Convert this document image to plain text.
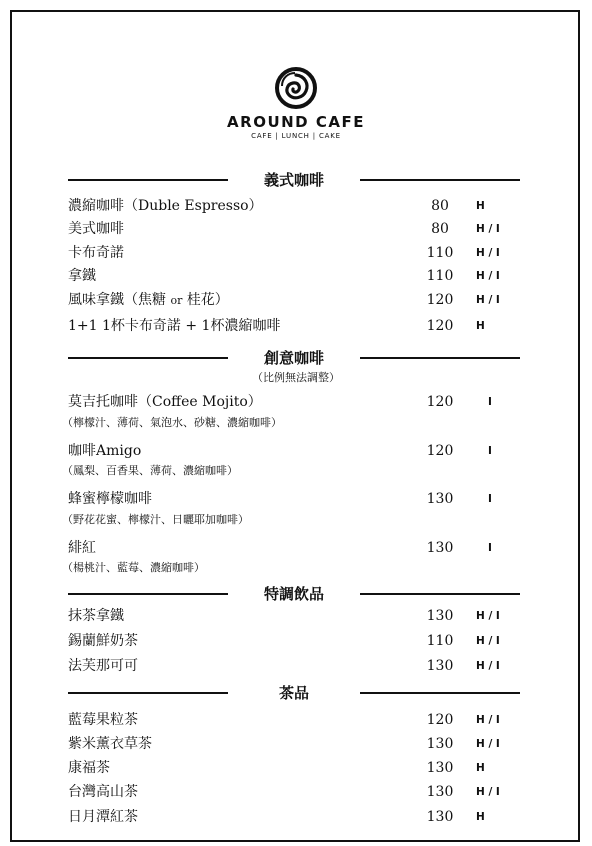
AROUND CAFE
CAFE | LUNCH | CAKE
義式咖啡
濃縮咖啡（Duble Espresso）	80	H
美式咖啡	80	H / I
卡布奇諾	110	H / I
拿鐵	110	H / I
風味拿鐵（焦糖 or 桂花）	120	H / I
1+1 1杯卡布奇諾 + 1杯濃縮咖啡	120	H
創意咖啡
（比例無法調整）
莫吉托咖啡（Coffee Mojito）	120	I
（檸檬汁、薄荷、氣泡水、砂糖、濃縮咖啡）
咖啡Amigo	120	I
（鳳梨、百香果、薄荷、濃縮咖啡）
蜂蜜檸檬咖啡	130	I
（野花花蜜、檸檬汁、日曬耶加咖啡）
緋紅	130	I
（楊桃汁、藍莓、濃縮咖啡）
特調飲品
抹茶拿鐵	130	H / I
錫蘭鮮奶茶	110	H / I
法芙那可可	130	H / I
茶品
藍莓果粒茶	120	H / I
紫米薰衣草茶	130	H / I
康福茶	130	H
台灣高山茶	130	H / I
日月潭紅茶	130	H
